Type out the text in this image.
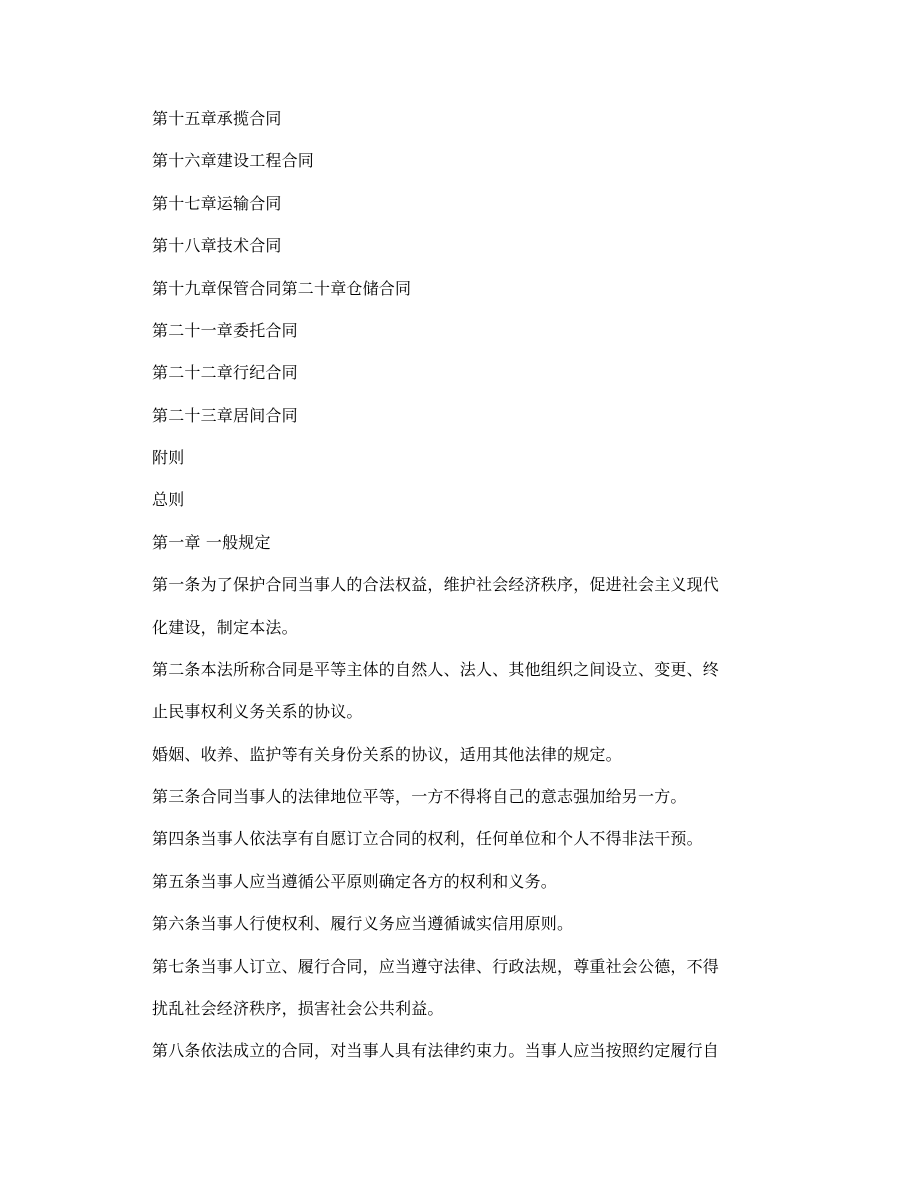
第十五章承揽合同

第十六章建设工程合同

第十七章运输合同

第十八章技术合同

第十九章保管合同第二十章仓储合同

第二十一章委托合同

第二十二章行纪合同

第二十三章居间合同

附则

总则

第一章 一般规定

第一条为了保护合同当事人的合法权益，维护社会经济秩序，促进社会主义现代

化建设，制定本法。

第二条本法所称合同是平等主体的自然人、法人、其他组织之间设立、变更、终

止民事权利义务关系的协议。

婚姻、收养、监护等有关身份关系的协议，适用其他法律的规定。

第三条合同当事人的法律地位平等，一方不得将自己的意志强加给另一方。

第四条当事人依法享有自愿订立合同的权利，任何单位和个人不得非法干预。

第五条当事人应当遵循公平原则确定各方的权利和义务。

第六条当事人行使权利、履行义务应当遵循诚实信用原则。

第七条当事人订立、履行合同，应当遵守法律、行政法规，尊重社会公德，不得

扰乱社会经济秩序，损害社会公共利益。

第八条依法成立的合同，对当事人具有法律约束力。当事人应当按照约定履行自
